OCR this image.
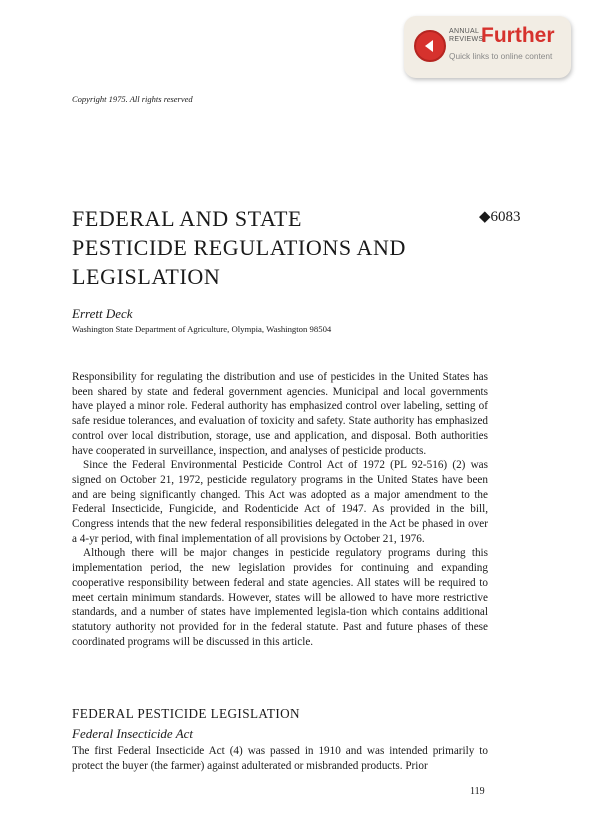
ANNUAL
REVIEWS
Further
Quick links to online content
Copyright 1975. All rights reserved
FEDERAL AND STATE
PESTICIDE REGULATIONS AND
LEGISLATION
◆6083
Errett Deck
Washington State Department of Agriculture, Olympia, Washington 98504

Responsibility for regulating the distribution and use of pesticides in the United States has been shared by state and federal government agencies. Municipal and local governments have played a minor role. Federal authority has emphasized control over labeling, setting of safe residue tolerances, and evaluation of toxicity and safety. State authority has emphasized control over local distribution, storage, use and application, and disposal. Both authorities have cooperated in surveillance, inspection, and analyses of pesticide products.

Since the Federal Environmental Pesticide Control Act of 1972 (PL 92-516) (2) was signed on October 21, 1972, pesticide regulatory programs in the United States have been and are being significantly changed. This Act was adopted as a major amendment to the Federal Insecticide, Fungicide, and Rodenticide Act of 1947. As provided in the bill, Congress intends that the new federal responsibilities delegated in the Act be phased in over a 4-yr period, with final implementation of all provisions by October 21, 1976.

Although there will be major changes in pesticide regulatory programs during this implementation period, the new legislation provides for continuing and expanding cooperative responsibility between federal and state agencies. All states will be required to meet certain minimum standards. However, states will be allowed to have more restrictive standards, and a number of states have implemented legisla-tion which contains additional statutory authority not provided for in the federal statute. Past and future phases of these coordinated programs will be discussed in this article.

FEDERAL PESTICIDE LEGISLATION
Federal Insecticide Act

The first Federal Insecticide Act (4) was passed in 1910 and was intended primarily to protect the buyer (the farmer) against adulterated or misbranded products. Prior

119
